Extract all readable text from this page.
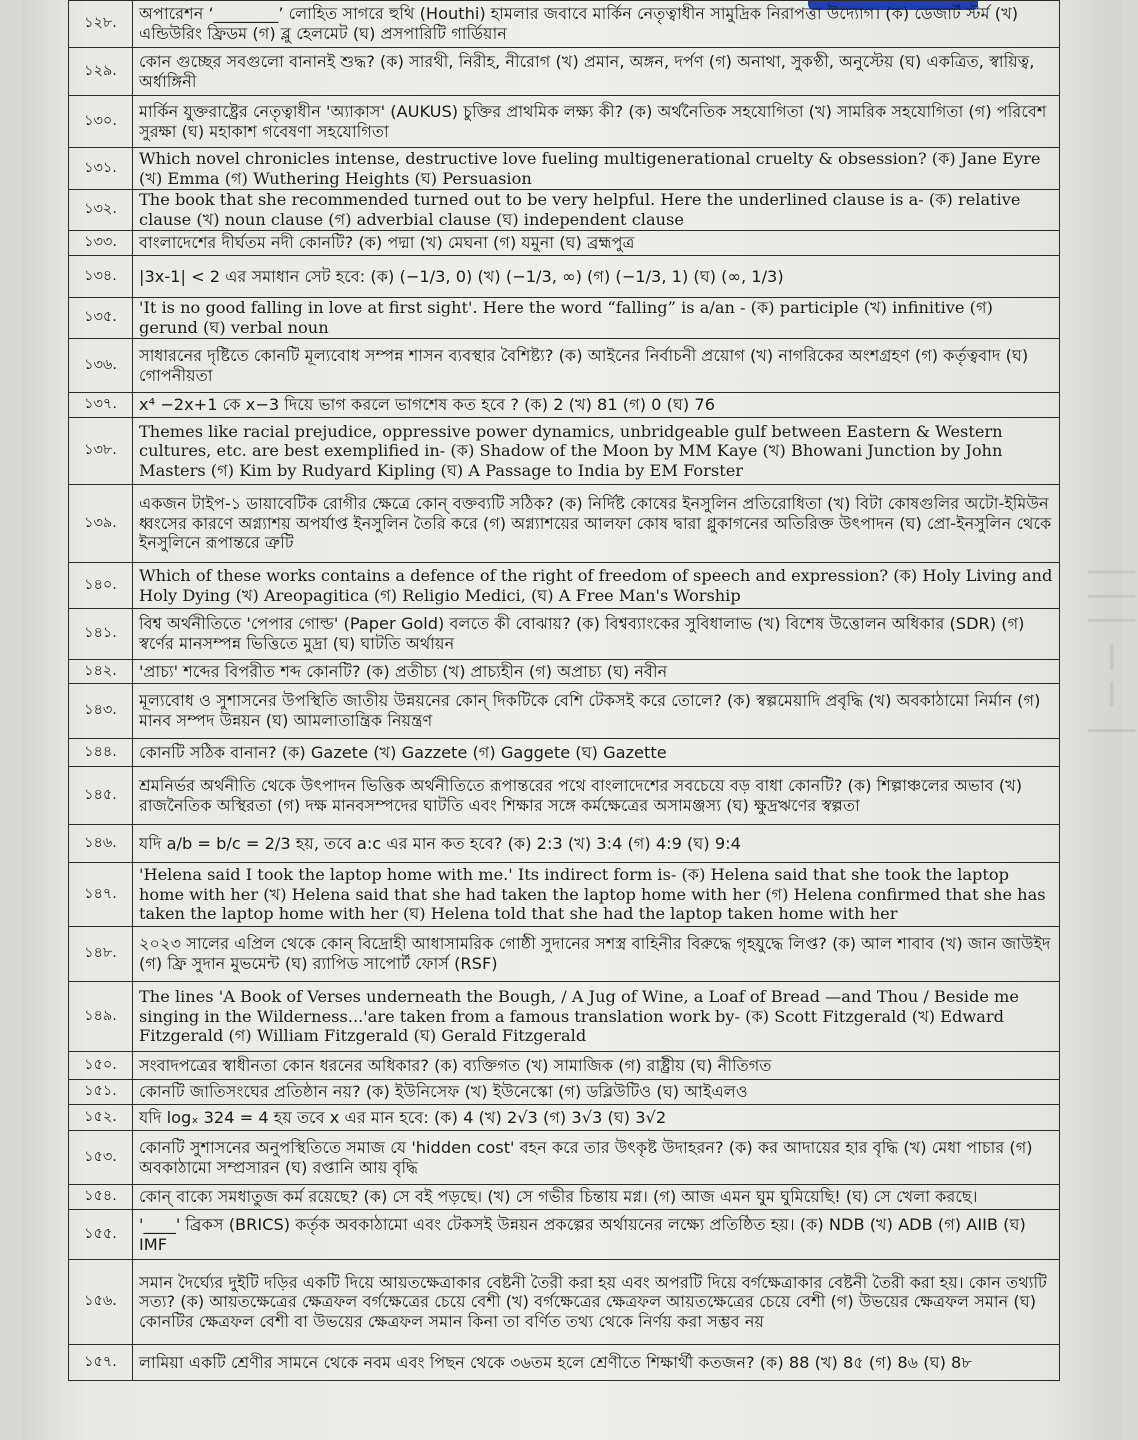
১২৮.	অপারেশন ‘________’ লোহিত সাগরে হুথি (Houthi) হামলার জবাবে মার্কিন নেতৃত্বাধীন সামুদ্রিক নিরাপত্তা উদ্যোগ। (ক) ডেজার্ট স্টর্ম (খ) এন্ডিউরিং ফ্রিডম (গ) ব্লু হেলমেট (ঘ) প্রসপারিটি গার্ডিয়ান
১২৯.	কোন গুচ্ছের সবগুলো বানানই শুদ্ধ? (ক) সারথী, নিরীহ, নীরোগ (খ) প্রমান, অঙ্গন, দর্পণ (গ) অনাথা, সুকণ্ঠী, অনুস্টেয় (ঘ) একত্রিত, স্বায়িত্ব, অর্ধাঙ্গিনী
১৩০.	মার্কিন যুক্তরাষ্ট্রের নেতৃত্বাধীন 'অ্যাকাস' (AUKUS) চুক্তির প্রাথমিক লক্ষ্য কী? (ক) অর্থনৈতিক সহযোগিতা (খ) সামরিক সহযোগিতা (গ) পরিবেশ সুরক্ষা (ঘ) মহাকাশ গবেষণা সহযোগিতা
১৩১.	Which novel chronicles intense, destructive love fueling multigenerational cruelty & obsession? (ক) Jane Eyre (খ) Emma (গ) Wuthering Heights (ঘ) Persuasion
১৩২.	The book that she recommended turned out to be very helpful. Here the underlined clause is a- (ক) relative clause (খ) noun clause (গ) adverbial clause (ঘ) independent clause
১৩৩.	বাংলাদেশের দীর্ঘতম নদী কোনটি? (ক) পদ্মা (খ) মেঘনা (গ) যমুনা (ঘ) ব্রহ্মপুত্র
১৩৪.	|3x-1| < 2 এর সমাধান সেট হবে: (ক) (−1/3, 0) (খ) (−1/3, ∞) (গ) (−1/3, 1) (ঘ) (∞, 1/3)
১৩৫.	'It is no good falling in love at first sight'. Here the word “falling” is a/an - (ক) participle (খ) infinitive (গ) gerund (ঘ) verbal noun
১৩৬.	সাধারনের দৃষ্টিতে কোনটি মূল্যবোধ সম্পন্ন শাসন ব্যবস্থার বৈশিষ্ট্য? (ক) আইনের নির্বাচনী প্রয়োগ (খ) নাগরিকের অংশগ্রহণ (গ) কর্তৃত্ববাদ (ঘ) গোপনীয়তা
১৩৭.	x⁴ −2x+1 কে x−3 দিয়ে ভাগ করলে ভাগশেষ কত হবে ? (ক) 2 (খ) 81 (গ) 0 (ঘ) 76
১৩৮.	Themes like racial prejudice, oppressive power dynamics, unbridgeable gulf between Eastern & Western cultures, etc. are best exemplified in- (ক) Shadow of the Moon by MM Kaye (খ) Bhowani Junction by John Masters (গ) Kim by Rudyard Kipling (ঘ) A Passage to India by EM Forster
১৩৯.	একজন টাইপ-১ ডায়াবেটিক রোগীর ক্ষেত্রে কোন্ বক্তব্যটি সঠিক? (ক) নির্দিষ্ট কোষের ইনসুলিন প্রতিরোধিতা (খ) বিটা কোষগুলির অটো-ইমিউন ধ্বংসের কারণে অগ্ন্যাশয় অপর্যাপ্ত ইনসুলিন তৈরি করে (গ) অগ্ন্যাশয়ের আলফা কোষ দ্বারা গ্লুকাগনের অতিরিক্ত উৎপাদন (ঘ) প্রো-ইনসুলিন থেকে ইনসুলিনে রূপান্তরে ত্রুটি
১৪০.	Which of these works contains a defence of the right of freedom of speech and expression? (ক) Holy Living and Holy Dying (খ) Areopagitica (গ) Religio Medici, (ঘ) A Free Man's Worship
১৪১.	বিশ্ব অর্থনীতিতে 'পেপার গোল্ড' (Paper Gold) বলতে কী বোঝায়? (ক) বিশ্বব্যাংকের সুবিধালাভ (খ) বিশেষ উত্তোলন অধিকার (SDR) (গ) স্বর্ণের মানসম্পন্ন ভিত্তিতে মুদ্রা (ঘ) ঘাটতি অর্থায়ন
১৪২.	'প্রাচ্য' শব্দের বিপরীত শব্দ কোনটি? (ক) প্রতীচ্য (খ) প্রাচ্যহীন (গ) অপ্রাচ্য (ঘ) নবীন
১৪৩.	মূল্যবোধ ও সুশাসনের উপস্থিতি জাতীয় উন্নয়নের কোন্ দিকটিকে বেশি টেকসই করে তোলে? (ক) স্বল্পমেয়াদি প্রবৃদ্ধি (খ) অবকাঠামো নির্মান (গ) মানব সম্পদ উন্নয়ন (ঘ) আমলাতান্ত্রিক নিয়ন্ত্রণ
১৪৪.	কোনটি সঠিক বানান? (ক) Gazete (খ) Gazzete (গ) Gaggete (ঘ) Gazette
১৪৫.	শ্রমনির্ভর অর্থনীতি থেকে উৎপাদন ভিত্তিক অর্থনীতিতে রূপান্তরের পথে বাংলাদেশের সবচেয়ে বড় বাধা কোনটি? (ক) শিল্পাঞ্চলের অভাব (খ) রাজনৈতিক অস্থিরতা (গ) দক্ষ মানবসম্পদের ঘাটতি এবং শিক্ষার সঙ্গে কর্মক্ষেত্রের অসামঞ্জস্য (ঘ) ক্ষুদ্রঋণের স্বল্পতা
১৪৬.	যদি a/b = b/c = 2/3 হয়, তবে a:c এর মান কত হবে? (ক) 2:3 (খ) 3:4 (গ) 4:9 (ঘ) 9:4
১৪৭.	'Helena said I took the laptop home with me.' Its indirect form is- (ক) Helena said that she took the laptop home with her (খ) Helena said that she had taken the laptop home with her (গ) Helena confirmed that she has taken the laptop home with her (ঘ) Helena told that she had the laptop taken home with her
১৪৮.	২০২৩ সালের এপ্রিল থেকে কোন্ বিদ্রোহী আধাসামরিক গোষ্ঠী সুদানের সশস্ত্র বাহিনীর বিরুদ্ধে গৃহযুদ্ধে লিপ্ত? (ক) আল শাবাব (খ) জান জাউইদ (গ) ফ্রি সুদান মুভমেন্ট (ঘ) র‍্যাপিড সাপোর্ট ফোর্স (RSF)
১৪৯.	The lines 'A Book of Verses underneath the Bough, / A Jug of Wine, a Loaf of Bread —and Thou / Beside me singing in the Wilderness...'are taken from a famous translation work by- (ক) Scott Fitzgerald (খ) Edward Fitzgerald (গ) William Fitzgerald (ঘ) Gerald Fitzgerald
১৫০.	সংবাদপত্রের স্বাধীনতা কোন ধরনের অধিকার? (ক) ব্যক্তিগত (খ) সামাজিক (গ) রাষ্ট্রীয় (ঘ) নীতিগত
১৫১.	কোনটি জাতিসংঘের প্রতিষ্ঠান নয়? (ক) ইউনিসেফ (খ) ইউনেস্কো (গ) ডব্লিউটিও (ঘ) আইএলও
১৫২.	যদি logₓ 324 = 4 হয় তবে x এর মান হবে: (ক) 4 (খ) 2√3 (গ) 3√3 (ঘ) 3√2
১৫৩.	কোনটি সুশাসনের অনুপস্থিতিতে সমাজ যে 'hidden cost' বহন করে তার উৎকৃষ্ট উদাহরন? (ক) কর আদায়ের হার বৃদ্ধি (খ) মেধা পাচার (গ) অবকাঠামো সম্প্রসারন (ঘ) রপ্তানি আয় বৃদ্ধি
১৫৪.	কোন্ বাক্যে সমধাতুজ কর্ম রয়েছে? (ক) সে বই পড়ছে। (খ) সে গভীর চিন্তায় মগ্ন। (গ) আজ এমন ঘুম ঘুমিয়েছি! (ঘ) সে খেলা করছে।
১৫৫.	'____' ব্রিকস (BRICS) কর্তৃক অবকাঠামো এবং টেকসই উন্নয়ন প্রকল্পের অর্থায়নের লক্ষ্যে প্রতিষ্ঠিত হয়। (ক) NDB (খ) ADB (গ) AIIB (ঘ) IMF
১৫৬.	সমান দৈর্ঘ্যের দুইটি দড়ির একটি দিয়ে আয়তক্ষেত্রাকার বেষ্টনী তৈরী করা হয় এবং অপরটি দিয়ে বর্গক্ষেত্রাকার বেষ্টনী তৈরী করা হয়। কোন তথ্যটি সত্য? (ক) আয়তক্ষেত্রের ক্ষেত্রফল বর্গক্ষেত্রের চেয়ে বেশী (খ) বর্গক্ষেত্রের ক্ষেত্রফল আয়তক্ষেত্রের চেয়ে বেশী (গ) উভয়ের ক্ষেত্রফল সমান (ঘ) কোনটির ক্ষেত্রফল বেশী বা উভয়ের ক্ষেত্রফল সমান কিনা তা বর্ণিত তথ্য থেকে নির্ণয় করা সম্ভব নয়
১৫৭.	লামিয়া একটি শ্রেণীর সামনে থেকে নবম এবং পিছন থেকে ৩৬তম হলে শ্রেণীতে শিক্ষার্থী কতজন? (ক) 88 (খ) 8৫ (গ) 8৬ (ঘ) 8৮
│││ ─ ─ │
